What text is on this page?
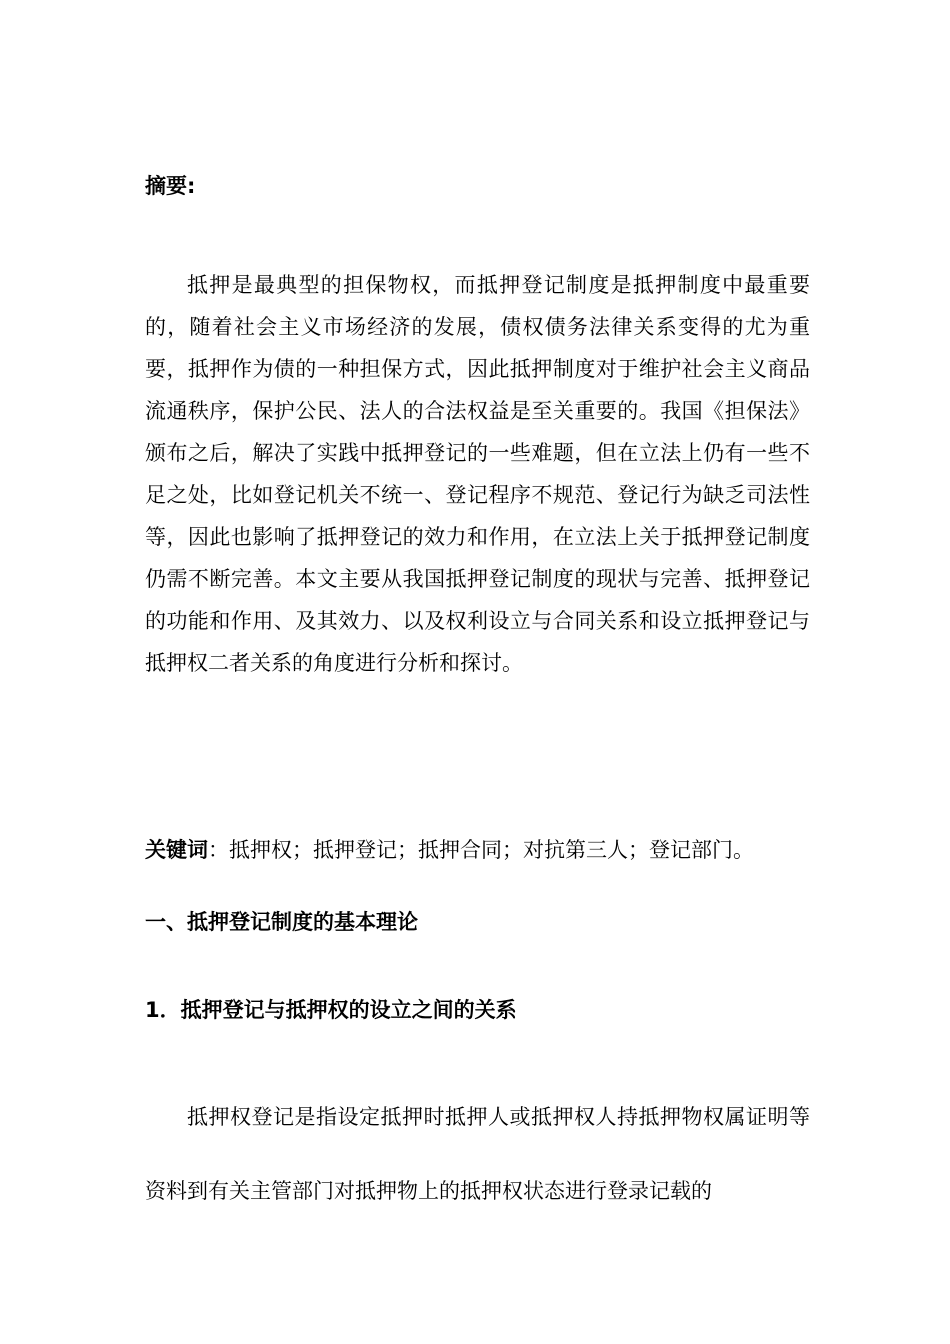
摘要:

抵押是最典型的担保物权，而抵押登记制度是抵押制度中最重要的，随着社会主义市场经济的发展，债权债务法律关系变得的尤为重要，抵押作为债的一种担保方式，因此抵押制度对于维护社会主义商品流通秩序，保护公民、法人的合法权益是至关重要的。我国《担保法》颁布之后，解决了实践中抵押登记的一些难题，但在立法上仍有一些不足之处，比如登记机关不统一、登记程序不规范、登记行为缺乏司法性等，因此也影响了抵押登记的效力和作用，在立法上关于抵押登记制度仍需不断完善。本文主要从我国抵押登记制度的现状与完善、抵押登记的功能和作用、及其效力、以及权利设立与合同关系和设立抵押登记与抵押权二者关系的角度进行分析和探讨。

关键词：抵押权；抵押登记；抵押合同；对抗第三人；登记部门。

一、抵押登记制度的基本理论
1．抵押登记与抵押权的设立之间的关系

抵押权登记是指设定抵押时抵押人或抵押权人持抵押物权属证明等资料到有关主管部门对抵押物上的抵押权状态进行登录记载的
